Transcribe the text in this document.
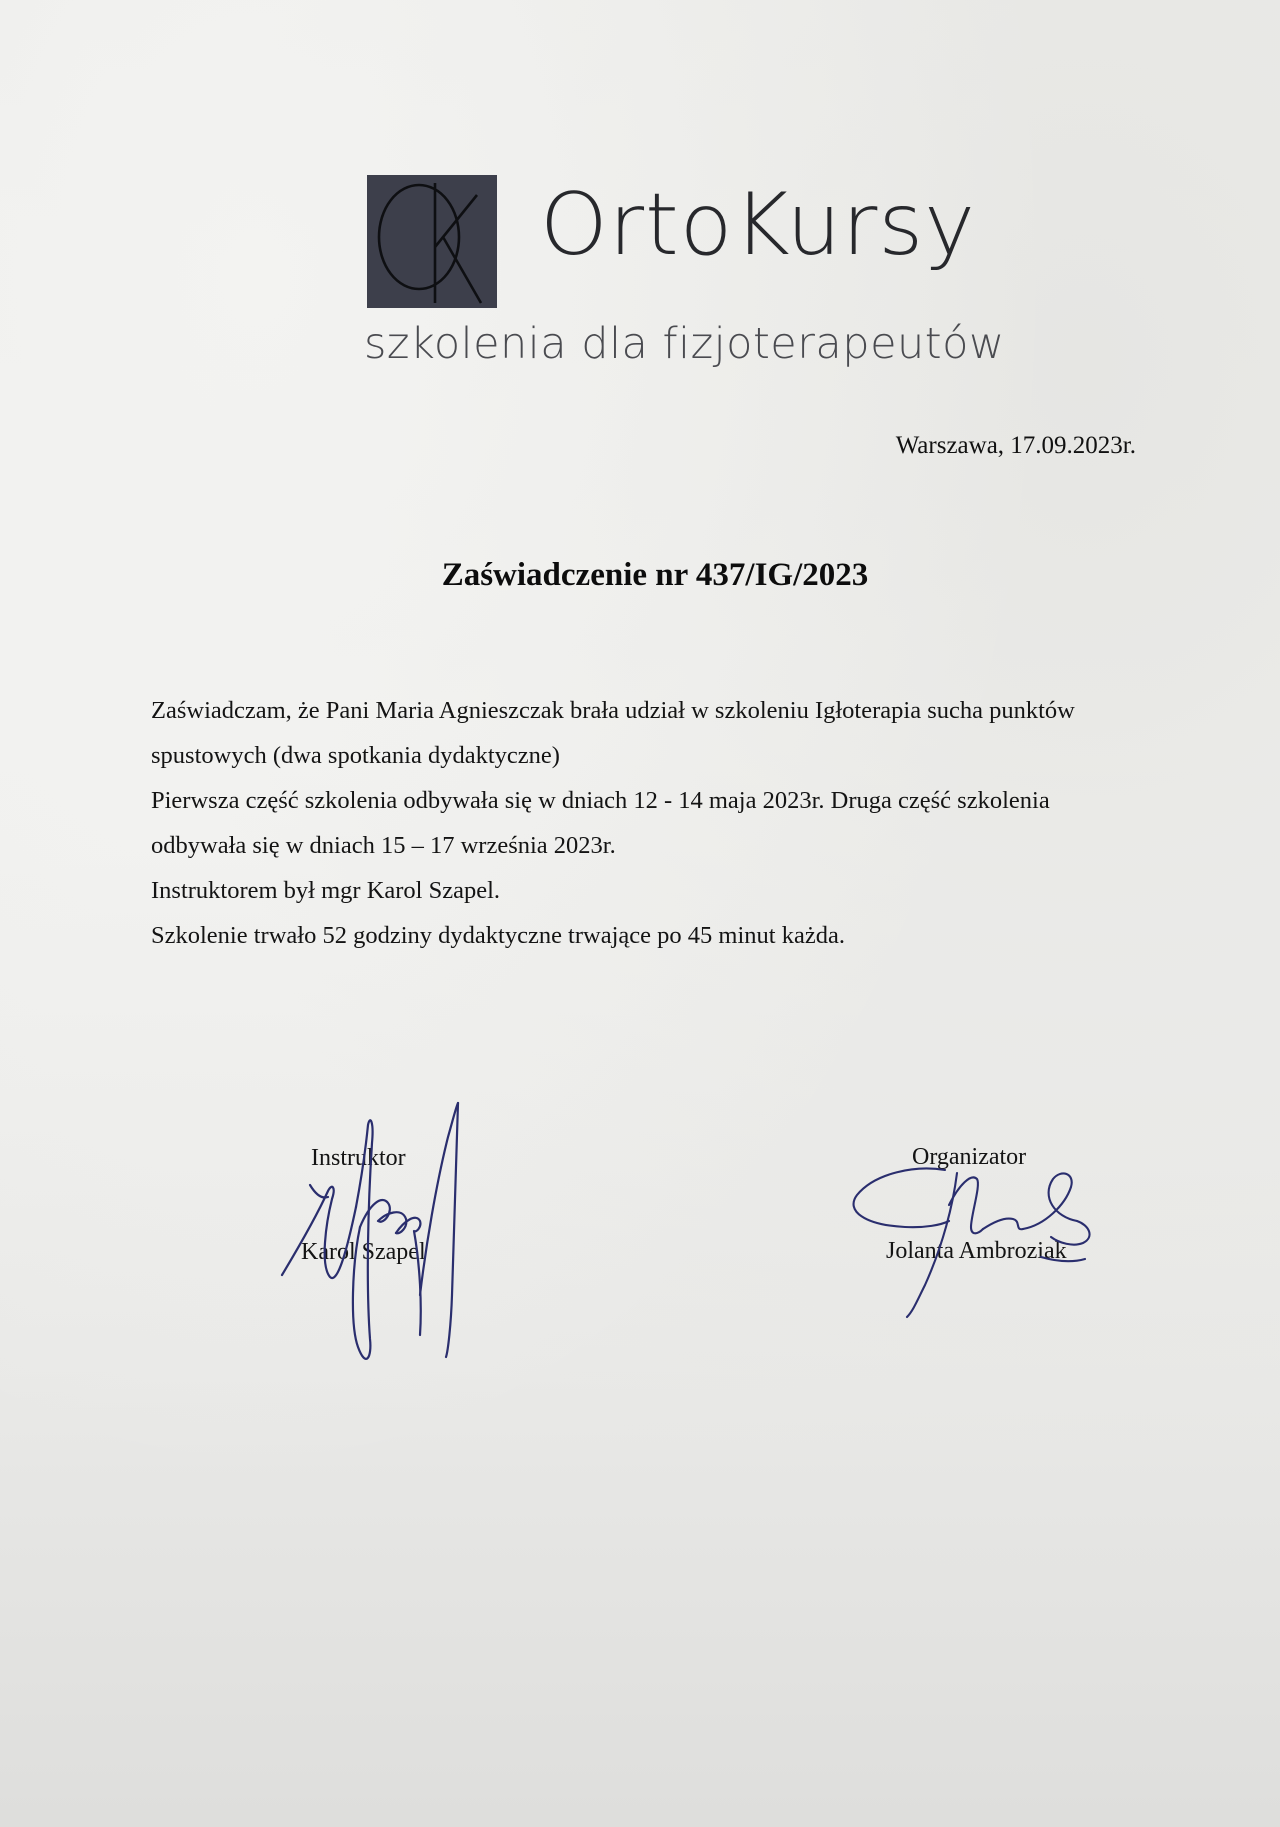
OrtoKursy
szkolenia dla fizjoterapeutów
Warszawa, 17.09.2023r.
Zaświadczenie nr 437/IG/2023

Zaświadczam, że Pani Maria Agnieszczak brała udział w szkoleniu Igłoterapia sucha punktów spustowych (dwa spotkania dydaktyczne)

Pierwsza część szkolenia odbywała się w dniach 12 - 14 maja 2023r. Druga część szkolenia odbywała się w dniach 15 – 17 września 2023r.

Instruktorem był mgr Karol Szapel.

Szkolenie trwało 52 godziny dydaktyczne trwające po 45 minut każda.

Instruktor
Karol Szapel
Organizator
Jolanta Ambroziak
